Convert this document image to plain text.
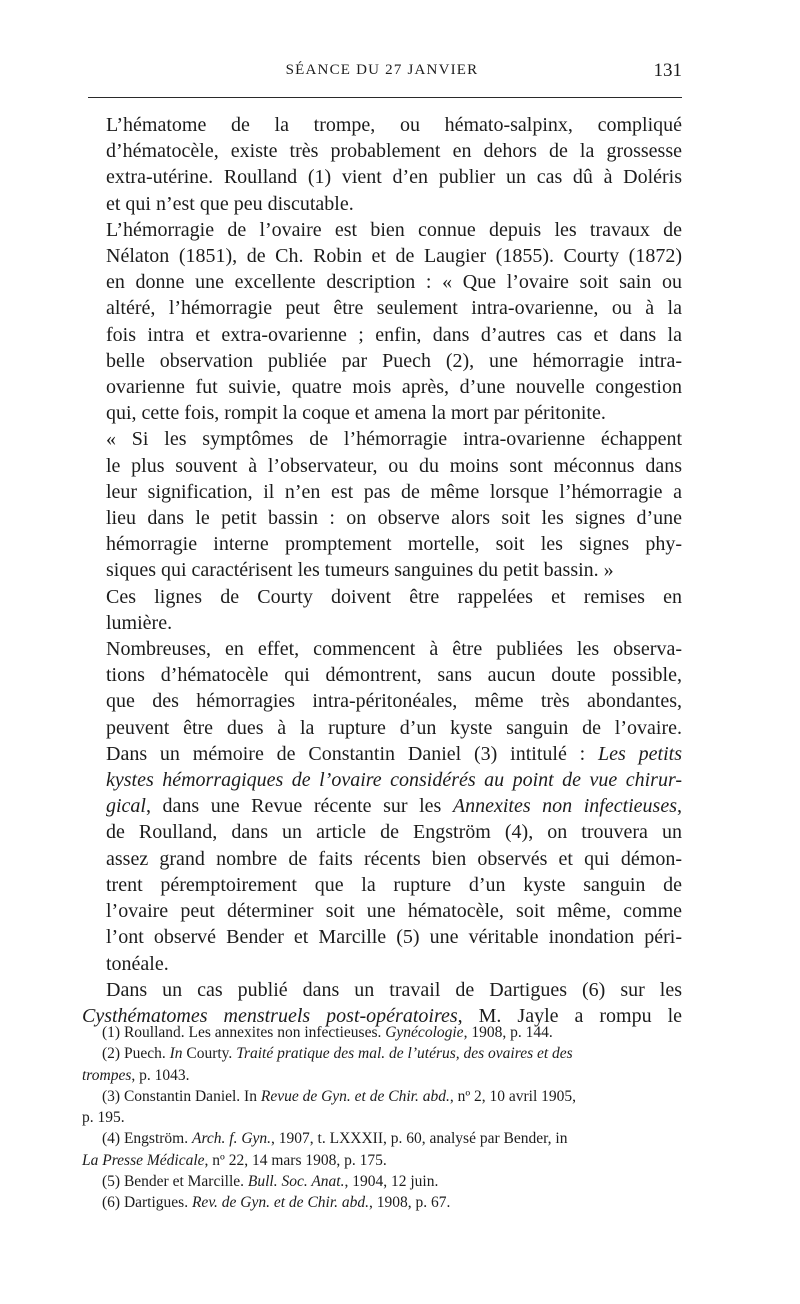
SÉANCE DU 27 JANVIER	131

L’hématome de la trompe, ou hémato-salpinx, compliqué
d’hématocèle, existe très probablement en dehors de la grossesse
extra-utérine. Roulland (1) vient d’en publier un cas dû à Doléris
et qui n’est que peu discutable.

L’hémorragie de l’ovaire est bien connue depuis les travaux de
Nélaton (1851), de Ch. Robin et de Laugier (1855). Courty (1872)
en donne une excellente description : « Que l’ovaire soit sain ou
altéré, l’hémorragie peut être seulement intra-ovarienne, ou à la
fois intra et extra-ovarienne ; enfin, dans d’autres cas et dans la
belle observation publiée par Puech (2), une hémorragie intra-
ovarienne fut suivie, quatre mois après, d’une nouvelle congestion
qui, cette fois, rompit la coque et amena la mort par péritonite.

« Si les symptômes de l’hémorragie intra-ovarienne échappent
le plus souvent à l’observateur, ou du moins sont méconnus dans
leur signification, il n’en est pas de même lorsque l’hémorragie a
lieu dans le petit bassin : on observe alors soit les signes d’une
hémorragie interne promptement mortelle, soit les signes phy-
siques qui caractérisent les tumeurs sanguines du petit bassin. »

Ces lignes de Courty doivent être rappelées et remises en
lumière.

Nombreuses, en effet, commencent à être publiées les observa-
tions d’hématocèle qui démontrent, sans aucun doute possible,
que des hémorragies intra-péritonéales, même très abondantes,
peuvent être dues à la rupture d’un kyste sanguin de l’ovaire.
Dans un mémoire de Constantin Daniel (3) intitulé : Les petits
kystes hémorragiques de l’ovaire considérés au point de vue chirur-
gical, dans une Revue récente sur les Annexites non infectieuses,
de Roulland, dans un article de Engström (4), on trouvera un
assez grand nombre de faits récents bien observés et qui démon-
trent péremptoirement que la rupture d’un kyste sanguin de
l’ovaire peut déterminer soit une hématocèle, soit même, comme
l’ont observé Bender et Marcille (5) une véritable inondation péri-
tonéale.

Dans un cas publié dans un travail de Dartigues (6) sur les
Cysthématomes menstruels post-opératoires, M. Jayle a rompu le

(1) Roulland. Les annexites non infectieuses. Gynécologie, 1908, p. 144.
(2) Puech. In Courty. Traité pratique des mal. de l’utérus, des ovaires et des
trompes, p. 1043.
(3) Constantin Daniel. In Revue de Gyn. et de Chir. abd., nº 2, 10 avril 1905,
p. 195.
(4) Engström. Arch. f. Gyn., 1907, t. LXXXII, p. 60, analysé par Bender, in
La Presse Médicale, nº 22, 14 mars 1908, p. 175.
(5) Bender et Marcille. Bull. Soc. Anat., 1904, 12 juin.
(6) Dartigues. Rev. de Gyn. et de Chir. abd., 1908, p. 67.
